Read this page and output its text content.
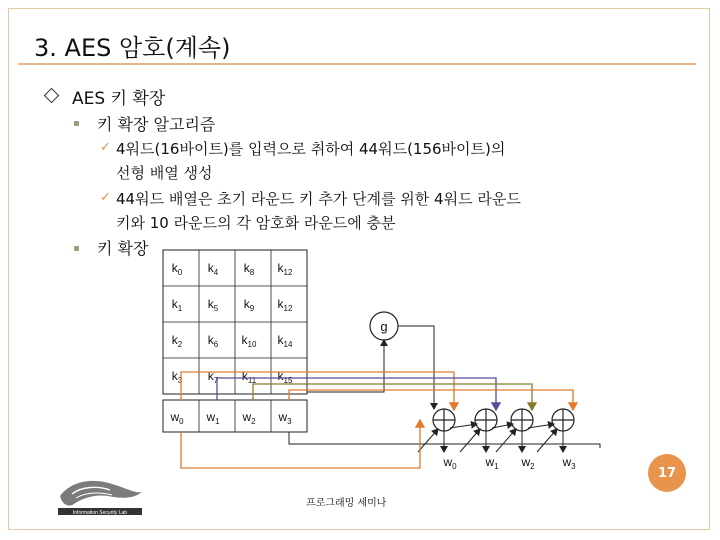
3. AES 암호(계속)
AES 키 확장
키 확장 알고리즘
✓ 4워드(16바이트)를 입력으로 취하여 44워드(156바이트)의
선형 배열 생성
✓ 44워드 배열은 초기 라운드 키 추가 단계를 위한 4워드 라운드
키와 10 라운드의 각 암호화 라운드에 충분
키 확장
$k_0$ $k_4$ $k_8$ $k_{12}$
$k_1$ $k_5$ $k_9$ $k_{12}$
$k_2$ $k_6$ $k_{10}$ $k_{14}$
$k_3$ $k_7$ $k_{11}$ $k_{15}$
$w_0$ $w_1$ $w_2$ $w_3$
g
$w_0$ $w_1$ $w_2$ $w_3$
Information Security Lab
프로그래밍 세미나
17
